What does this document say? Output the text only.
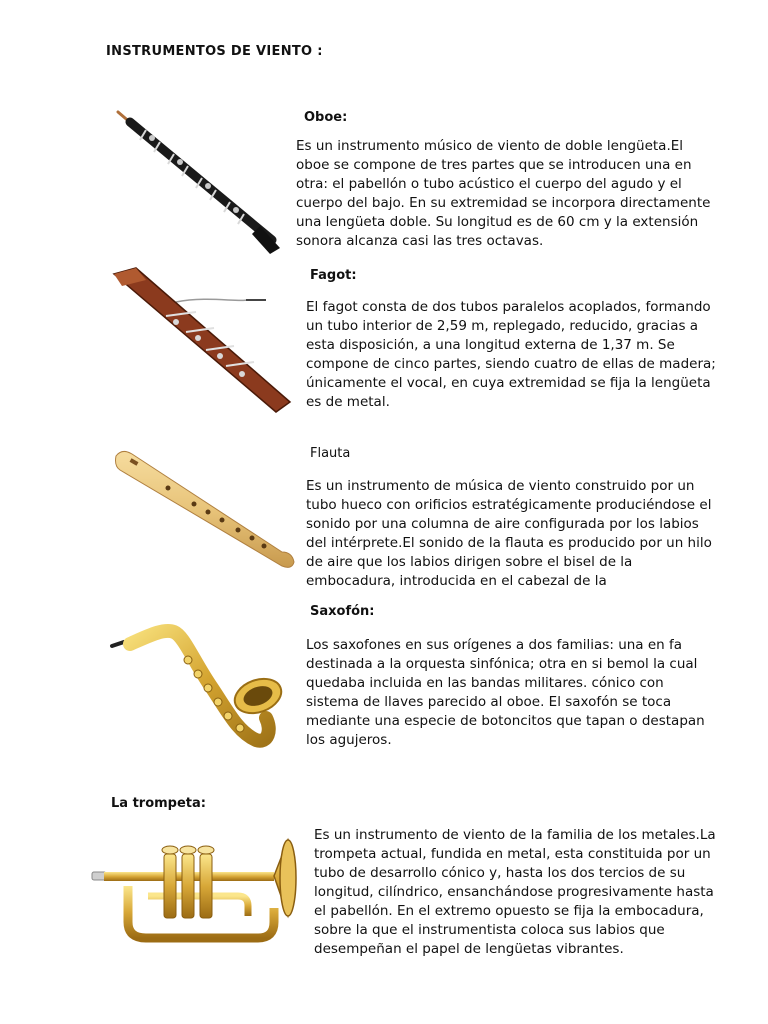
INSTRUMENTOS DE VIENTO :
Oboe:

Es un instrumento músico de viento de doble lengüeta.El
oboe se compone de tres partes que se introducen una en
otra: el pabellón o tubo acústico el cuerpo del agudo y el
cuerpo del bajo. En su extremidad se incorpora directamente
una lengüeta doble. Su longitud es de 60 cm y la extensión
sonora alcanza casi las tres octavas.

Fagot:

El fagot consta de dos tubos paralelos acoplados, formando
un tubo interior de 2,59 m, replegado, reducido, gracias a
esta disposición, a una longitud externa de 1,37 m. Se
compone de cinco partes, siendo cuatro de ellas de madera;
únicamente el vocal, en cuya extremidad se fija la lengüeta
es de metal.

Flauta

Es un instrumento de música de viento construido por un
tubo hueco con orificios estratégicamente produciéndose el
sonido por una columna de aire configurada por los labios
del intérprete.El sonido de la flauta es producido por un hilo
de aire que los labios dirigen sobre el bisel de la
embocadura, introducida en el cabezal de la

Saxofón:

Los saxofones en sus orígenes a dos familias: una en fa
destinada a la orquesta sinfónica; otra en si bemol la cual
quedaba incluida en las bandas militares. cónico con
sistema de llaves parecido al oboe. El saxofón se toca
mediante una especie de botoncitos que tapan o destapan
los agujeros.

La trompeta:

Es un instrumento de viento de la familia de los metales.La
trompeta actual, fundida en metal, esta constituida por un
tubo de desarrollo cónico y, hasta los dos tercios de su
longitud, cilíndrico, ensanchándose progresivamente hasta
el pabellón. En el extremo opuesto se fija la embocadura,
sobre la que el instrumentista coloca sus labios que
desempeñan el papel de lengüetas vibrantes.
